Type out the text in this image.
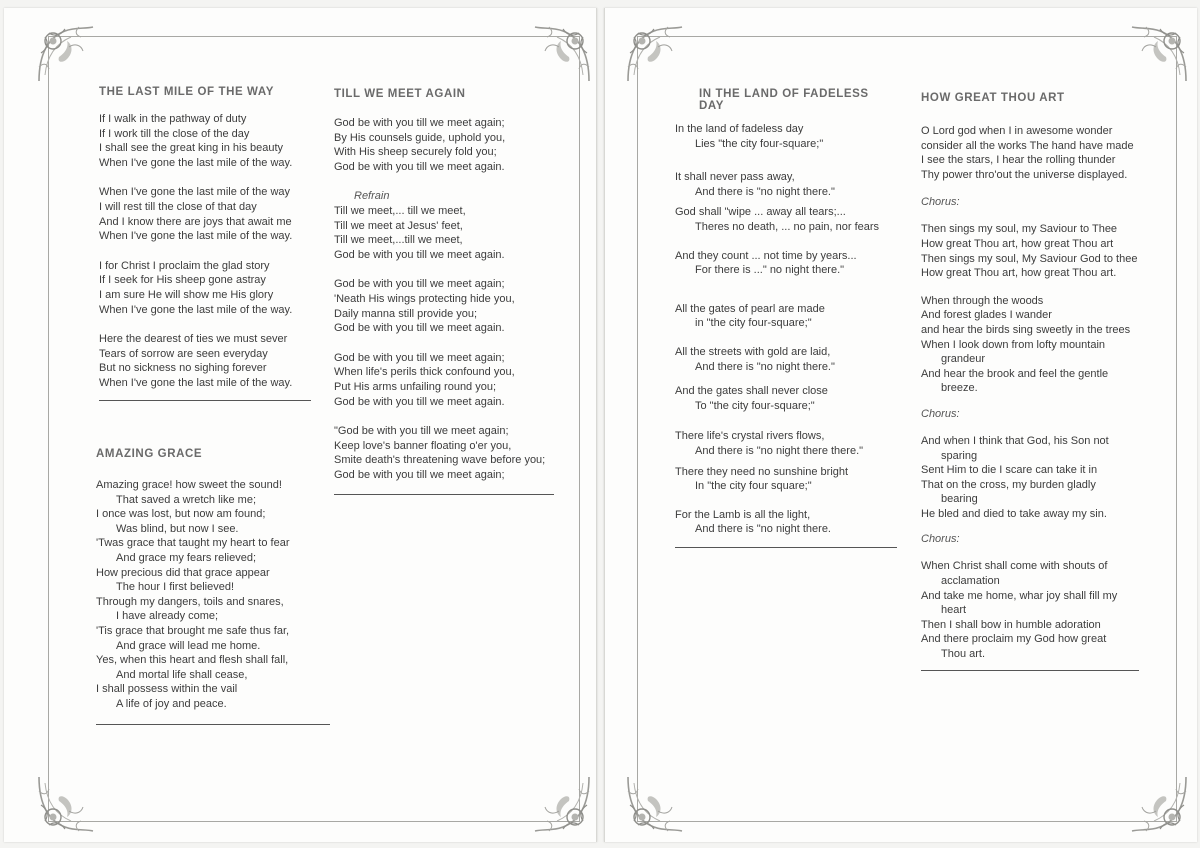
THE LAST MILE OF THE WAY
If I walk in the pathway of duty
If I work till the close of the day
I shall see the great king in his beauty
When I've gone the last mile of the way.
When I've gone the last mile of the way
I will rest till the close of that day
And I know there are joys that await me
When I've gone the last mile of the way.
I for Christ I proclaim the glad story
If I seek for His sheep gone astray
I am sure He will show me His glory
When I've gone the last mile of the way.
Here the dearest of ties we must sever
Tears of sorrow are seen everyday
But no sickness no sighing forever
When I've gone the last mile of the way.
AMAZING GRACE
Amazing grace! how sweet the sound!
That saved a wretch like me;
I once was lost, but now am found;
Was blind, but now I see.
'Twas grace that taught my heart to fear
And grace my fears relieved;
How precious did that grace appear
The hour I first believed!
Through my dangers, toils and snares,
I have already come;
'Tis grace that brought me safe thus far,
And grace will lead me home.
Yes, when this heart and flesh shall fall,
And mortal life shall cease,
I shall possess within the vail
A life of joy and peace.
TILL WE MEET AGAIN
God be with you till we meet again;
By His counsels guide, uphold you,
With His sheep securely fold you;
God be with you till we meet again.
Refrain
Till we meet,... till we meet,
Till we meet at Jesus' feet,
Till we meet,...till we meet,
God be with you till we meet again.
God be with you till we meet again;
'Neath His wings protecting hide you,
Daily manna still provide you;
God be with you till we meet again.
God be with you till we meet again;
When life's perils thick confound you,
Put His arms unfailing round you;
God be with you till we meet again.
"God be with you till we meet again;
Keep love's banner floating o'er you,
Smite death's threatening wave before you;
God be with you till we meet again;
IN THE LAND OF FADELESS DAY
In the land of fadeless day
Lies "the city four-square;"
It shall never pass away,
And there is "no night there."
God shall "wipe ... away all tears;...
Theres no death, ... no pain, nor fears
And they count ... not time by years...
For there is ..." no night there."
All the gates of pearl are made
in "the city four-square;"
All the streets with gold are laid,
And there is "no night there."
And the gates shall never close
To "the city four-square;"
There life's crystal rivers flows,
And there is "no night there there."
There they need no sunshine bright
In "the city four square;"
For the Lamb is all the light,
And there is "no night there.
HOW GREAT THOU ART
O Lord god when I in awesome wonder
consider all the works The hand have made
I see the stars, I hear the rolling thunder
Thy power thro'out the universe displayed.
Chorus:
Then sings my soul, my Saviour to Thee
How great Thou art, how great Thou art
Then sings my soul, My Saviour God to thee
How great Thou art, how great Thou art.
When through the woods
And forest glades I wander
and hear the birds sing sweetly in the trees
When I look down from lofty mountain
grandeur
And hear the brook and feel the gentle
breeze.
Chorus:
And when I think that God, his Son not
sparing
Sent Him to die I scare can take it in
That on the cross, my burden gladly
bearing
He bled and died to take away my sin.
Chorus:
When Christ shall come with shouts of
acclamation
And take me home, whar joy shall fill my
heart
Then I shall bow in humble adoration
And there proclaim my God how great
Thou art.
